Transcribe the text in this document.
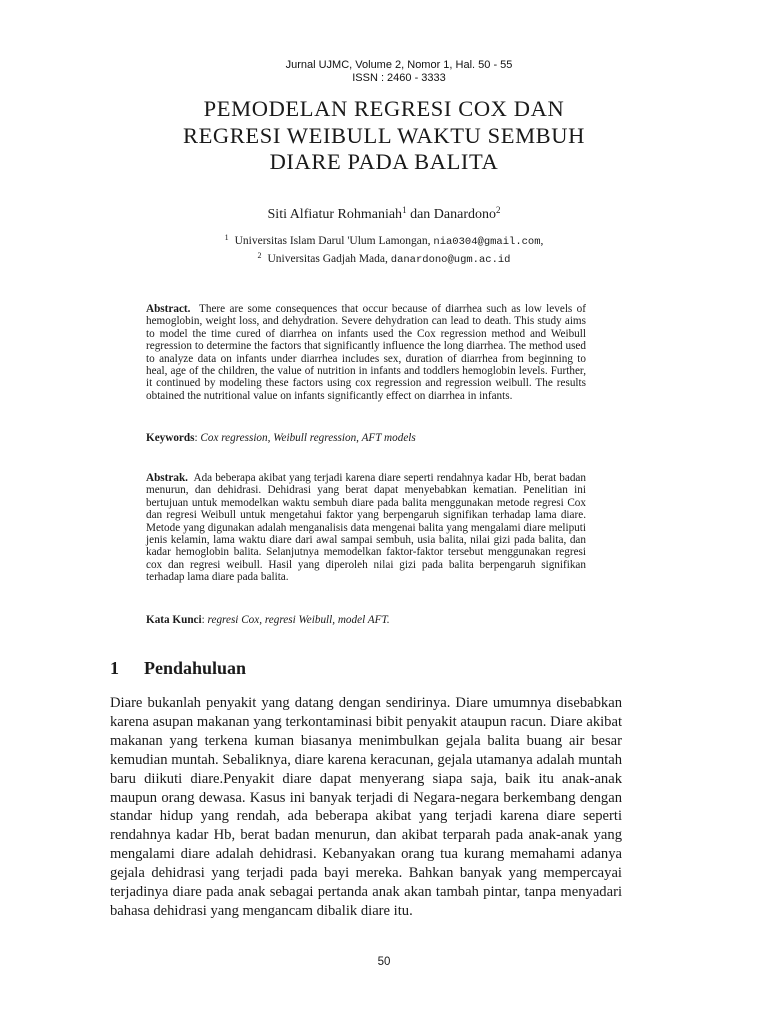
Jurnal UJMC, Volume 2, Nomor 1, Hal. 50 - 55
ISSN : 2460 - 3333
PEMODELAN REGRESI COX DAN
REGRESI WEIBULL WAKTU SEMBUH
DIARE PADA BALITA
Siti Alfiatur Rohmaniah$^1$ dan Danardono$^2$
$^1$ Universitas Islam Darul 'Ulum Lamongan, nia0304@gmail.com,
$^2$ Universitas Gadjah Mada, danardono@ugm.ac.id

Abstract. There are some consequences that occur because of diarrhea such as low levels of hemoglobin, weight loss, and dehydration. Severe dehydration can lead to death. This study aims to model the time cured of diarrhea on infants used the Cox regression method and Weibull regression to determine the factors that significantly influence the long diarrhea. The method used to analyze data on infants under diarrhea includes sex, duration of diarrhea from beginning to heal, age of the children, the value of nutrition in infants and toddlers hemoglobin levels. Further, it continued by modeling these factors using cox regression and regression weibull. The results obtained the nutritional value on infants significantly effect on diarrhea in infants.

Keywords: Cox regression, Weibull regression, AFT models

Abstrak. Ada beberapa akibat yang terjadi karena diare seperti rendahnya kadar Hb, berat badan menurun, dan dehidrasi. Dehidrasi yang berat dapat menyebabkan kematian. Penelitian ini bertujuan untuk memodelkan waktu sembuh diare pada balita menggunakan metode regresi Cox dan regresi Weibull untuk mengetahui faktor yang berpengaruh signifikan terhadap lama diare. Metode yang digunakan adalah menganalisis data mengenai balita yang mengalami diare meliputi jenis kelamin, lama waktu diare dari awal sampai sembuh, usia balita, nilai gizi pada balita, dan kadar hemoglobin balita. Selanjutnya memodelkan faktor-faktor tersebut menggunakan regresi cox dan regresi weibull. Hasil yang diperoleh nilai gizi pada balita berpengaruh signifikan terhadap lama diare pada balita.

Kata Kunci: regresi Cox, regresi Weibull, model AFT.
1 Pendahuluan

Diare bukanlah penyakit yang datang dengan sendirinya. Diare umumnya disebabkan karena asupan makanan yang terkontaminasi bibit penyakit ataupun racun. Diare akibat makanan yang terkena kuman biasanya menimbulkan gejala balita buang air besar kemudian muntah. Sebaliknya, diare karena keracunan, gejala utamanya adalah muntah baru diikuti diare.Penyakit diare dapat menyerang siapa saja, baik itu anak-anak maupun orang dewasa. Kasus ini banyak terjadi di Negara-negara berkembang dengan standar hidup yang rendah, ada beberapa akibat yang terjadi karena diare seperti rendahnya kadar Hb, berat badan menurun, dan akibat terparah pada anak-anak yang mengalami diare adalah dehidrasi. Kebanyakan orang tua kurang memahami adanya gejala dehidrasi yang terjadi pada bayi mereka. Bahkan banyak yang mempercayai terjadinya diare pada anak sebagai pertanda anak akan tambah pintar, tanpa menyadari bahasa dehidrasi yang mengancam dibalik diare itu.

50
